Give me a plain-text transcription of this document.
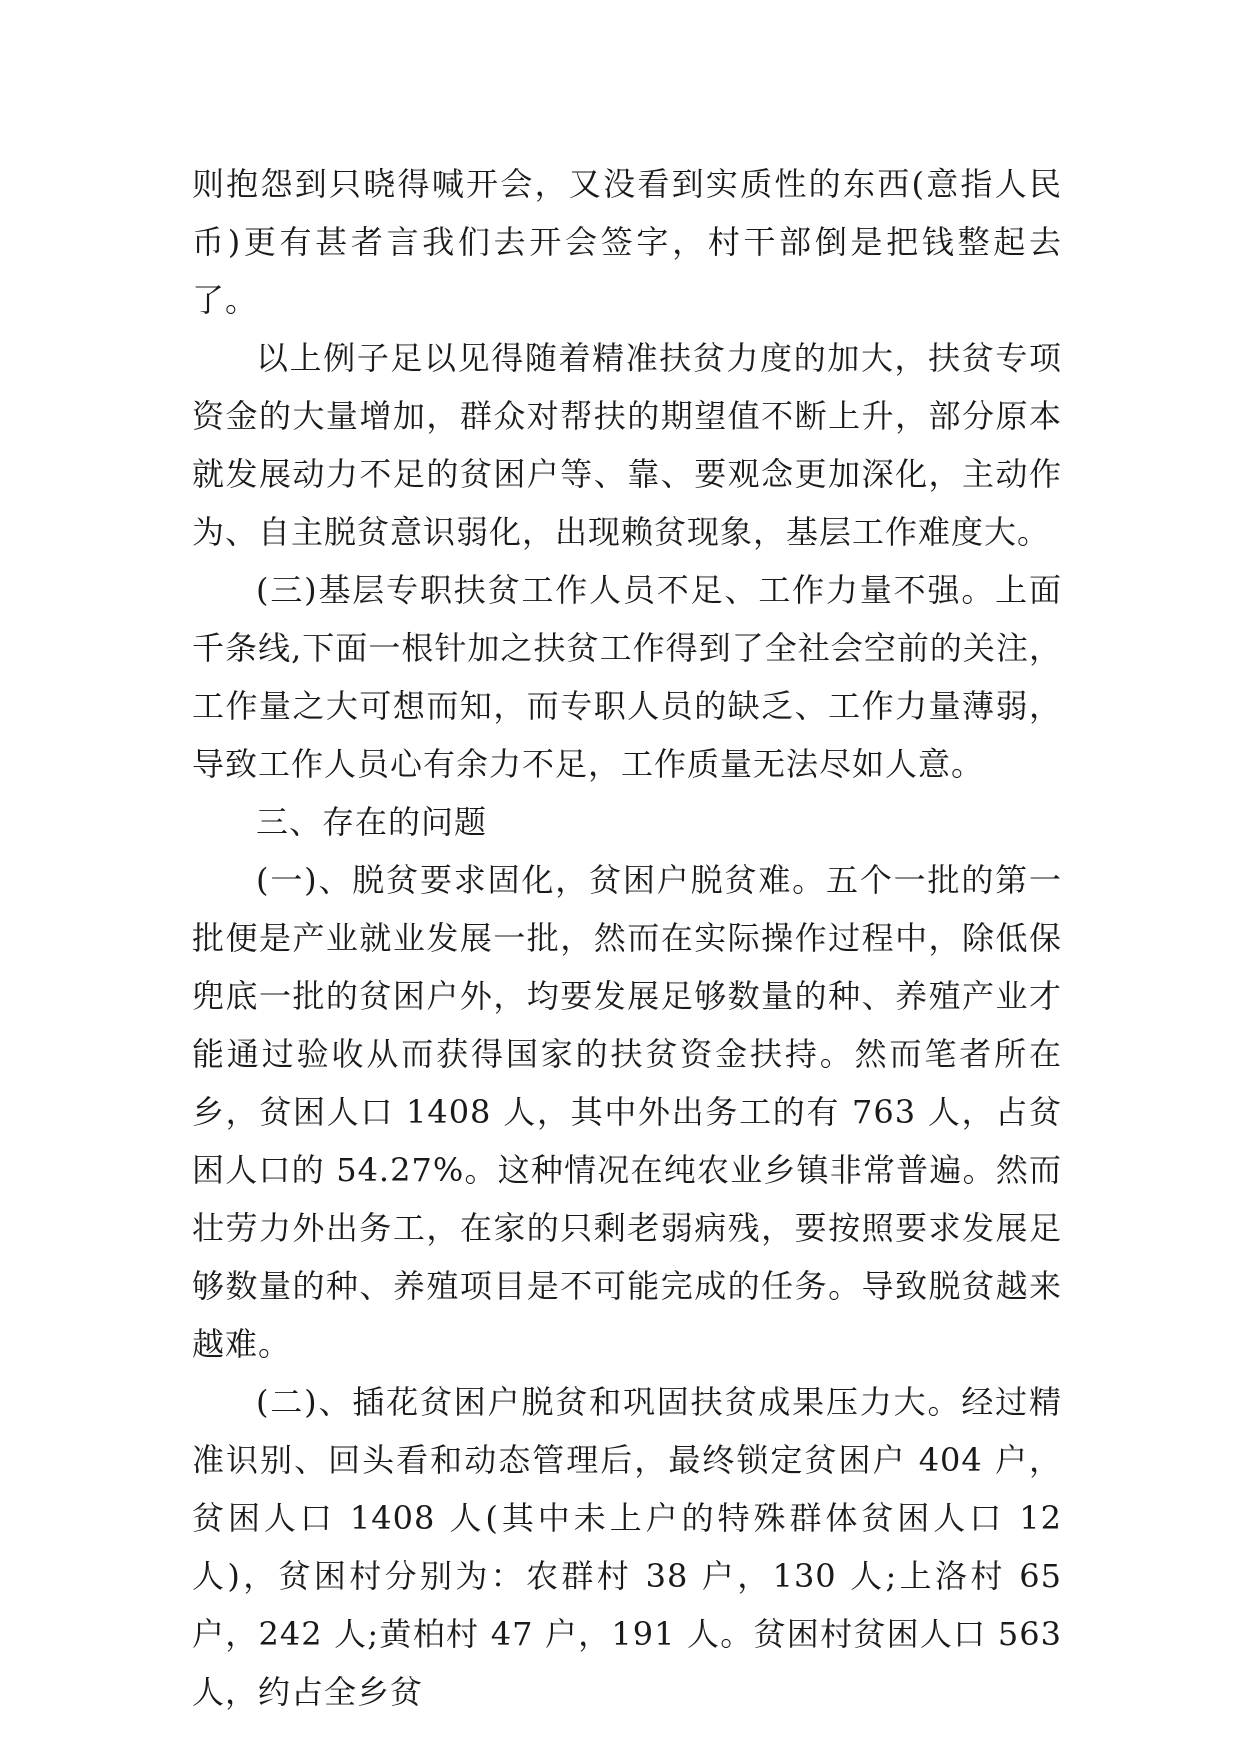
则抱怨到只晓得喊开会，又没看到实质性的东西(意指人民币)更有甚者言我们去开会签字，村干部倒是把钱整起去了。

以上例子足以见得随着精准扶贫力度的加大，扶贫专项资金的大量增加，群众对帮扶的期望值不断上升，部分原本就发展动力不足的贫困户等、靠、要观念更加深化，主动作为、自主脱贫意识弱化，出现赖贫现象，基层工作难度大。

(三)基层专职扶贫工作人员不足、工作力量不强。上面千条线,下面一根针加之扶贫工作得到了全社会空前的关注，工作量之大可想而知，而专职人员的缺乏、工作力量薄弱，导致工作人员心有余力不足，工作质量无法尽如人意。

三、存在的问题

(一)、脱贫要求固化，贫困户脱贫难。五个一批的第一批便是产业就业发展一批，然而在实际操作过程中，除低保兜底一批的贫困户外，均要发展足够数量的种、养殖产业才能通过验收从而获得国家的扶贫资金扶持。然而笔者所在乡，贫困人口 1408 人，其中外出务工的有 763 人，占贫困人口的 54.27%。这种情况在纯农业乡镇非常普遍。然而壮劳力外出务工，在家的只剩老弱病残，要按照要求发展足够数量的种、养殖项目是不可能完成的任务。导致脱贫越来越难。

(二)、插花贫困户脱贫和巩固扶贫成果压力大。经过精准识别、回头看和动态管理后，最终锁定贫困户 404 户，贫困人口 1408 人(其中未上户的特殊群体贫困人口 12 人)，贫困村分别为：农群村 38 户，130 人;上洛村 65 户，242 人;黄柏村 47 户，191 人。贫困村贫困人口 563 人，约占全乡贫
